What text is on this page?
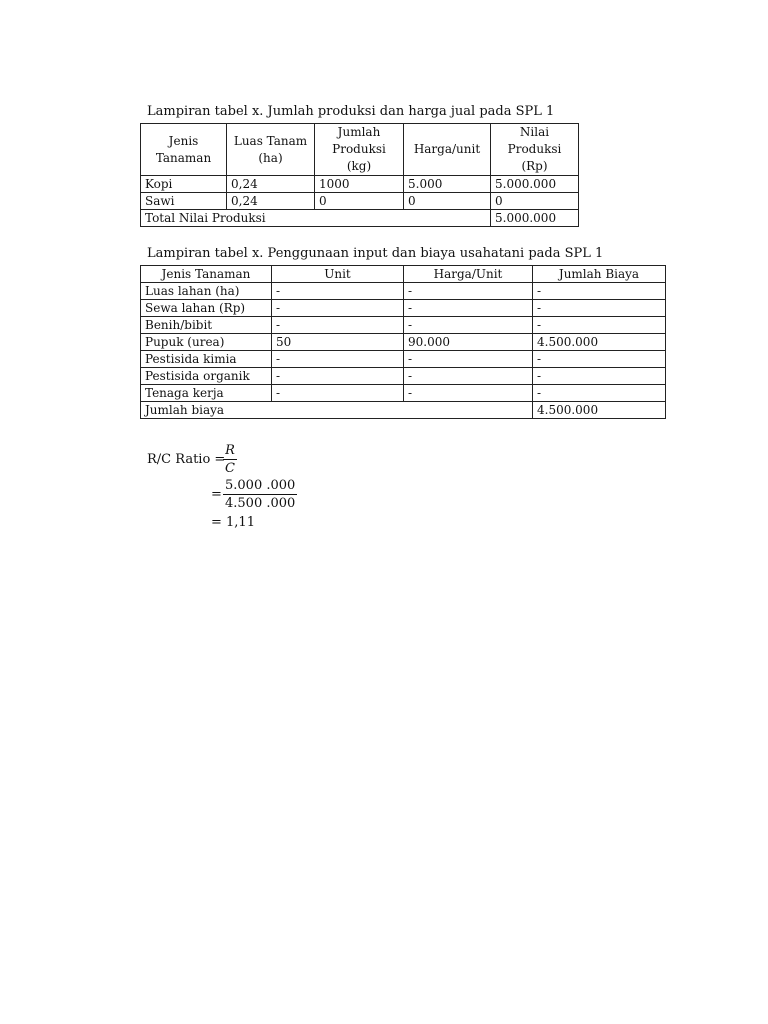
Lampiran tabel x. Jumlah produksi dan harga jual pada SPL 1
Jenis Tanaman	Luas Tanam (ha)	Jumlah Produksi (kg)	Harga/unit	Nilai Produksi (Rp)
Kopi	0,24	1000	5.000	5.000.000
Sawi	0,24	0	0	0
Total Nilai Produksi				5.000.000
Lampiran tabel x. Penggunaan input dan biaya usahatani pada SPL 1
Jenis Tanaman	Unit	Harga/Unit	Jumlah Biaya
Luas lahan (ha)	-	-	-
Sewa lahan (Rp)	-	-	-
Benih/bibit	-	-	-
Pupuk (urea)	50	90.000	4.500.000
Pestisida kimia	-	-	-
Pestisida organik	-	-	-
Tenaga kerja	-	-	-
Jumlah biaya			4.500.000
R/C Ratio =
$\frac{R}{C}$
= $\frac{5.000 .000}{4.500 .000}$
= 1,11
